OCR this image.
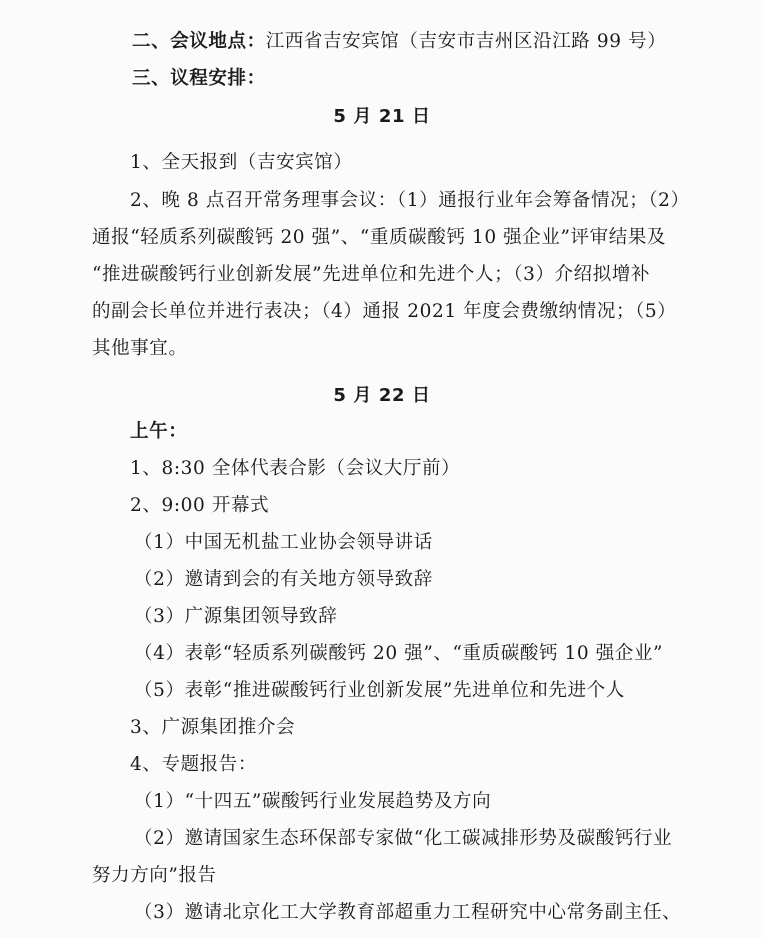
二、会议地点：江西省吉安宾馆（吉安市吉州区沿江路 99 号）
三、议程安排：
5 月 21 日
1、全天报到（吉安宾馆）
2、晚 8 点召开常务理事会议：（1）通报行业年会筹备情况；（2）
通报“轻质系列碳酸钙 20 强”、“重质碳酸钙 10 强企业”评审结果及
“推进碳酸钙行业创新发展”先进单位和先进个人；（3）介绍拟增补
的副会长单位并进行表决；（4）通报 2021 年度会费缴纳情况；（5）
其他事宜。
5 月 22 日
上午：
1、8:30 全体代表合影（会议大厅前）
2、9:00 开幕式
（1）中国无机盐工业协会领导讲话
（2）邀请到会的有关地方领导致辞
（3）广源集团领导致辞
（4）表彰“轻质系列碳酸钙 20 强”、“重质碳酸钙 10 强企业”
（5）表彰“推进碳酸钙行业创新发展”先进单位和先进个人
3、广源集团推介会
4、专题报告：
（1）“十四五”碳酸钙行业发展趋势及方向
（2）邀请国家生态环保部专家做“化工碳减排形势及碳酸钙行业
努力方向”报告
（3）邀请北京化工大学教育部超重力工程研究中心常务副主任、
